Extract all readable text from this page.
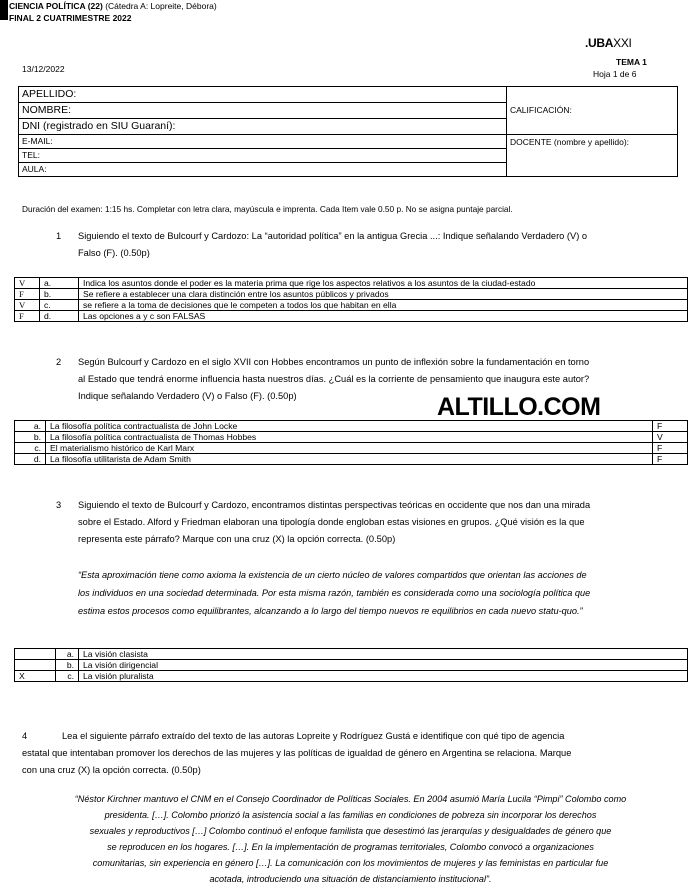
CIENCIA POLÍTICA (22) (Cátedra A: Lopreite, Débora)
FINAL 2 CUATRIMESTRE 2022
13/12/2022
.UBAXXI
TEMA 1
Hoja 1 de 6
APELLIDO:	CALIFICACIÓN:
NOMBRE:	
DNI (registrado en SIU Guaraní):	
E-MAIL:	DOCENTE (nombre y apellido):
TEL:	
AULA:	
Duración del examen: 1:15 hs. Completar con letra clara, mayúscula e imprenta. Cada Item vale 0.50 p. No se asigna puntaje parcial.
1 Siguiendo el texto de Bulcourf y Cardozo: La “autoridad política” en la antigua Grecia ...: Indique señalando Verdadero (V) o
Falso (F). (0.50p)
V	a.	Indica los asuntos donde el poder es la materia prima que rige los aspectos relativos a los asuntos de la ciudad-estado
F	b.	Se refiere a establecer una clara distinción entre los asuntos públicos y privados
V	c.	se refiere a la toma de decisiones que le competen a todos los que habitan en ella
F	d.	Las opciones a y c son FALSAS
2 Según Bulcourf y Cardozo en el siglo XVII con Hobbes encontramos un punto de inflexión sobre la fundamentación en torno
al Estado que tendrá enorme influencia hasta nuestros días. ¿Cuál es la corriente de pensamiento que inaugura este autor?
Indique señalando Verdadero (V) o Falso (F). (0.50p)	ALTILLO.COM
a.	La filosofía política contractualista de John Locke	F
b.	La filosofía política contractualista de Thomas Hobbes	V
c.	El materialismo histórico de Karl Marx	F
d.	La filosofía utilitarista de Adam Smith	F
3 Siguiendo el texto de Bulcourf y Cardozo, encontramos distintas perspectivas teóricas en occidente que nos dan una mirada
sobre el Estado. Alford y Friedman elaboran una tipología donde engloban estas visiones en grupos. ¿Qué visión es la que
representa este párrafo? Marque con una cruz (X) la opción correcta. (0.50p)
“Esta aproximación tiene como axioma la existencia de un cierto núcleo de valores compartidos que orientan las acciones de
los individuos en una sociedad determinada. Por esta misma razón, también es considerada como una sociología política que
estima estos procesos como equilibrantes, alcanzando a lo largo del tiempo nuevos re equilibrios en cada nuevo statu-quo.”
	a.	La visión clasista
	b.	La visión dirigencial
X	c.	La visión pluralista
4	Lea el siguiente párrafo extraído del texto de las autoras Lopreite y Rodríguez Gustá e identifique con qué tipo de agencia
estatal que intentaban promover los derechos de las mujeres y las políticas de igualdad de género en Argentina se relaciona. Marque
con una cruz (X) la opción correcta. (0.50p)
“Néstor Kirchner mantuvo el CNM en el Consejo Coordinador de Políticas Sociales. En 2004 asumió María Lucila “Pimpi” Colombo como
presidenta. […]. Colombo priorizó la asistencia social a las familias en condiciones de pobreza sin incorporar los derechos
sexuales y reproductivos […] Colombo continuó el enfoque familista que desestimó las jerarquías y desigualdades de género que
se reproducen en los hogares. […]. En la implementación de programas territoriales, Colombo convocó a organizaciones
comunitarias, sin experiencia en género […]. La comunicación con los movimientos de mujeres y las feministas en particular fue
acotada, introduciendo una situación de distanciamiento institucional”.
